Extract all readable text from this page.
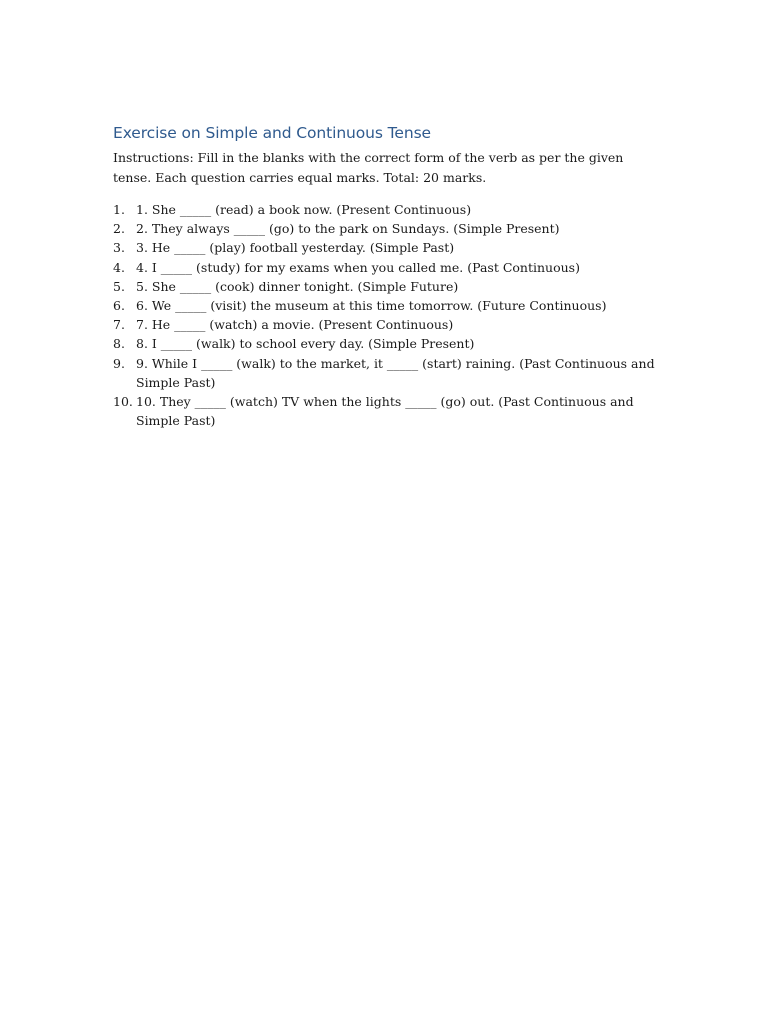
Exercise on Simple and Continuous Tense

Instructions: Fill in the blanks with the correct form of the verb as per the given tense. Each question carries equal marks. Total: 20 marks.

1. 1. She _____ (read) a book now. (Present Continuous)
2. 2. They always _____ (go) to the park on Sundays. (Simple Present)
3. 3. He _____ (play) football yesterday. (Simple Past)
4. 4. I _____ (study) for my exams when you called me. (Past Continuous)
5. 5. She _____ (cook) dinner tonight. (Simple Future)
6. 6. We _____ (visit) the museum at this time tomorrow. (Future Continuous)
7. 7. He _____ (watch) a movie. (Present Continuous)
8. 8. I _____ (walk) to school every day. (Simple Present)
9. 9. While I _____ (walk) to the market, it _____ (start) raining. (Past Continuous and Simple Past)
10. 10. They _____ (watch) TV when the lights _____ (go) out. (Past Continuous and Simple Past)
